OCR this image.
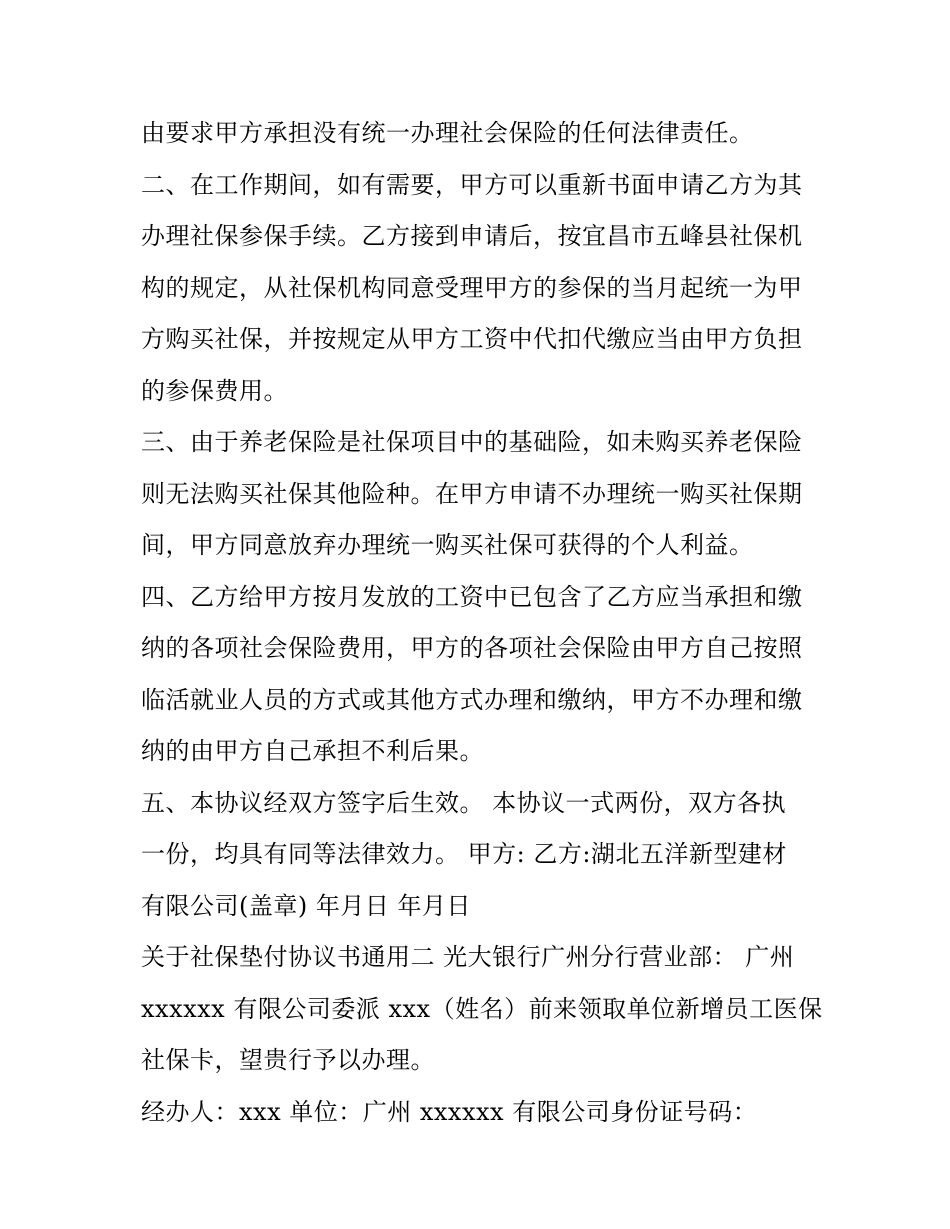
由要求甲方承担没有统一办理社会保险的任何法律责任。
二、在工作期间，如有需要，甲方可以重新书面申请乙方为其
办理社保参保手续。乙方接到申请后，按宜昌市五峰县社保机
构的规定，从社保机构同意受理甲方的参保的当月起统一为甲
方购买社保，并按规定从甲方工资中代扣代缴应当由甲方负担
的参保费用。
三、由于养老保险是社保项目中的基础险，如未购买养老保险
则无法购买社保其他险种。在甲方申请不办理统一购买社保期
间，甲方同意放弃办理统一购买社保可获得的个人利益。
四、乙方给甲方按月发放的工资中已包含了乙方应当承担和缴
纳的各项社会保险费用，甲方的各项社会保险由甲方自己按照
临活就业人员的方式或其他方式办理和缴纳，甲方不办理和缴
纳的由甲方自己承担不利后果。
五、本协议经双方签字后生效。 本协议一式两份，双方各执
一份，均具有同等法律效力。 甲方: 乙方:湖北五洋新型建材
有限公司(盖章) 年月日 年月日
关于社保垫付协议书通用二 光大银行广州分行营业部： 广州
xxxxxx 有限公司委派 xxx（姓名）前来领取单位新增员工医保
社保卡，望贵行予以办理。
经办人：xxx 单位：广州 xxxxxx 有限公司身份证号码：
